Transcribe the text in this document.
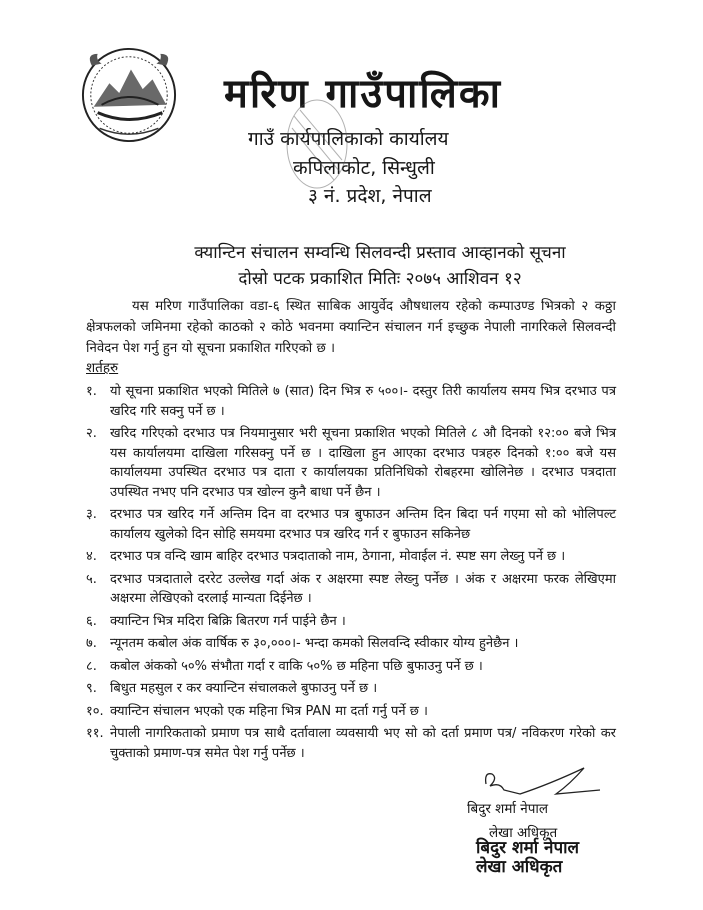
मरिण गाउँपालिका
गाउँ कार्यपालिकाको कार्यालय
कपिलाकोट, सिन्धुली
३ नं. प्रदेश, नेपाल
क्यान्टिन संचालन सम्वन्धि सिलवन्दी प्रस्ताव आव्हानको सूचना
दोस्रो पटक प्रकाशित मितिः २०७५ आशिवन १२
यस मरिण गाउँपालिका वडा-६ स्थित साबिक आयुर्वेद औषधालय रहेको कम्पाउण्ड भित्रको २ कठ्ठा क्षेत्रफलको जमिनमा रहेको काठको २ कोठे भवनमा क्यान्टिन संचालन गर्न इच्छुक नेपाली नागरिकले सिलवन्दी निवेदन पेश गर्नु हुन यो सूचना प्रकाशित गरिएको छ ।
शर्तहरु
१. यो सूचना प्रकाशित भएको मितिले ७ (सात) दिन भित्र रु ५००।- दस्तुर तिरी कार्यालय समय भित्र दरभाउ पत्र खरिद गरि सक्नु पर्ने छ ।
२. खरिद गरिएको दरभाउ पत्र नियमानुसार भरी सूचना प्रकाशित भएको मितिले ८ औ दिनको १२:०० बजे भित्र यस कार्यालयमा दाखिला गरिसक्नु पर्ने छ । दाखिला हुन आएका दरभाउ पत्रहरु दिनको १:०० बजे यस कार्यालयमा उपस्थित दरभाउ पत्र दाता र कार्यालयका प्रतिनिधिको रोबहरमा खोलिनेछ । दरभाउ पत्रदाता उपस्थित नभए पनि दरभाउ पत्र खोल्न कुनै बाधा पर्ने छैन ।
३. दरभाउ पत्र खरिद गर्ने अन्तिम दिन वा दरभाउ पत्र बुफाउन अन्तिम दिन बिदा पर्न गएमा सो को भोलिपल्ट कार्यालय खुलेको दिन सोहि समयमा दरभाउ पत्र खरिद गर्न र बुफाउन सकिनेछ
४. दरभाउ पत्र वन्दि खाम बाहिर दरभाउ पत्रदाताको नाम, ठेगाना, मोवाईल नं. स्पष्ट सग लेख्नु पर्ने छ ।
५. दरभाउ पत्रदाताले दररेट उल्लेख गर्दा अंक र अक्षरमा स्पष्ट लेख्नु पर्नेछ । अंक र अक्षरमा फरक लेखिएमा अक्षरमा लेखिएको दरलाई मान्यता दिईनेछ ।
६. क्यान्टिन भित्र मदिरा बिक्रि बितरण गर्न पाईने छैन ।
७. न्यूनतम कबोल अंक वार्षिक रु ३०,०००।- भन्दा कमको सिलवन्दि स्वीकार योग्य हुनेछैन ।
८. कबोल अंकको ५०% संभौता गर्दा र वाकि ५०% छ महिना पछि बुफाउनु पर्ने छ ।
९. बिधुत महसुल र कर क्यान्टिन संचालकले बुफाउनु पर्ने छ ।
१०. क्यान्टिन संचालन भएको एक महिना भित्र PAN मा दर्ता गर्नु पर्ने छ ।
११. नेपाली नागरिकताको प्रमाण पत्र साथै दर्तावाला व्यवसायी भए सो को दर्ता प्रमाण पत्र/ नविकरण गरेको कर चुक्ताको प्रमाण-पत्र समेत पेश गर्नु पर्नेछ ।
बिदुर शर्मा नेपाल
लेखा अधिकृत
बिदुर शर्मा नेपाल
लेखा अधिकृत
